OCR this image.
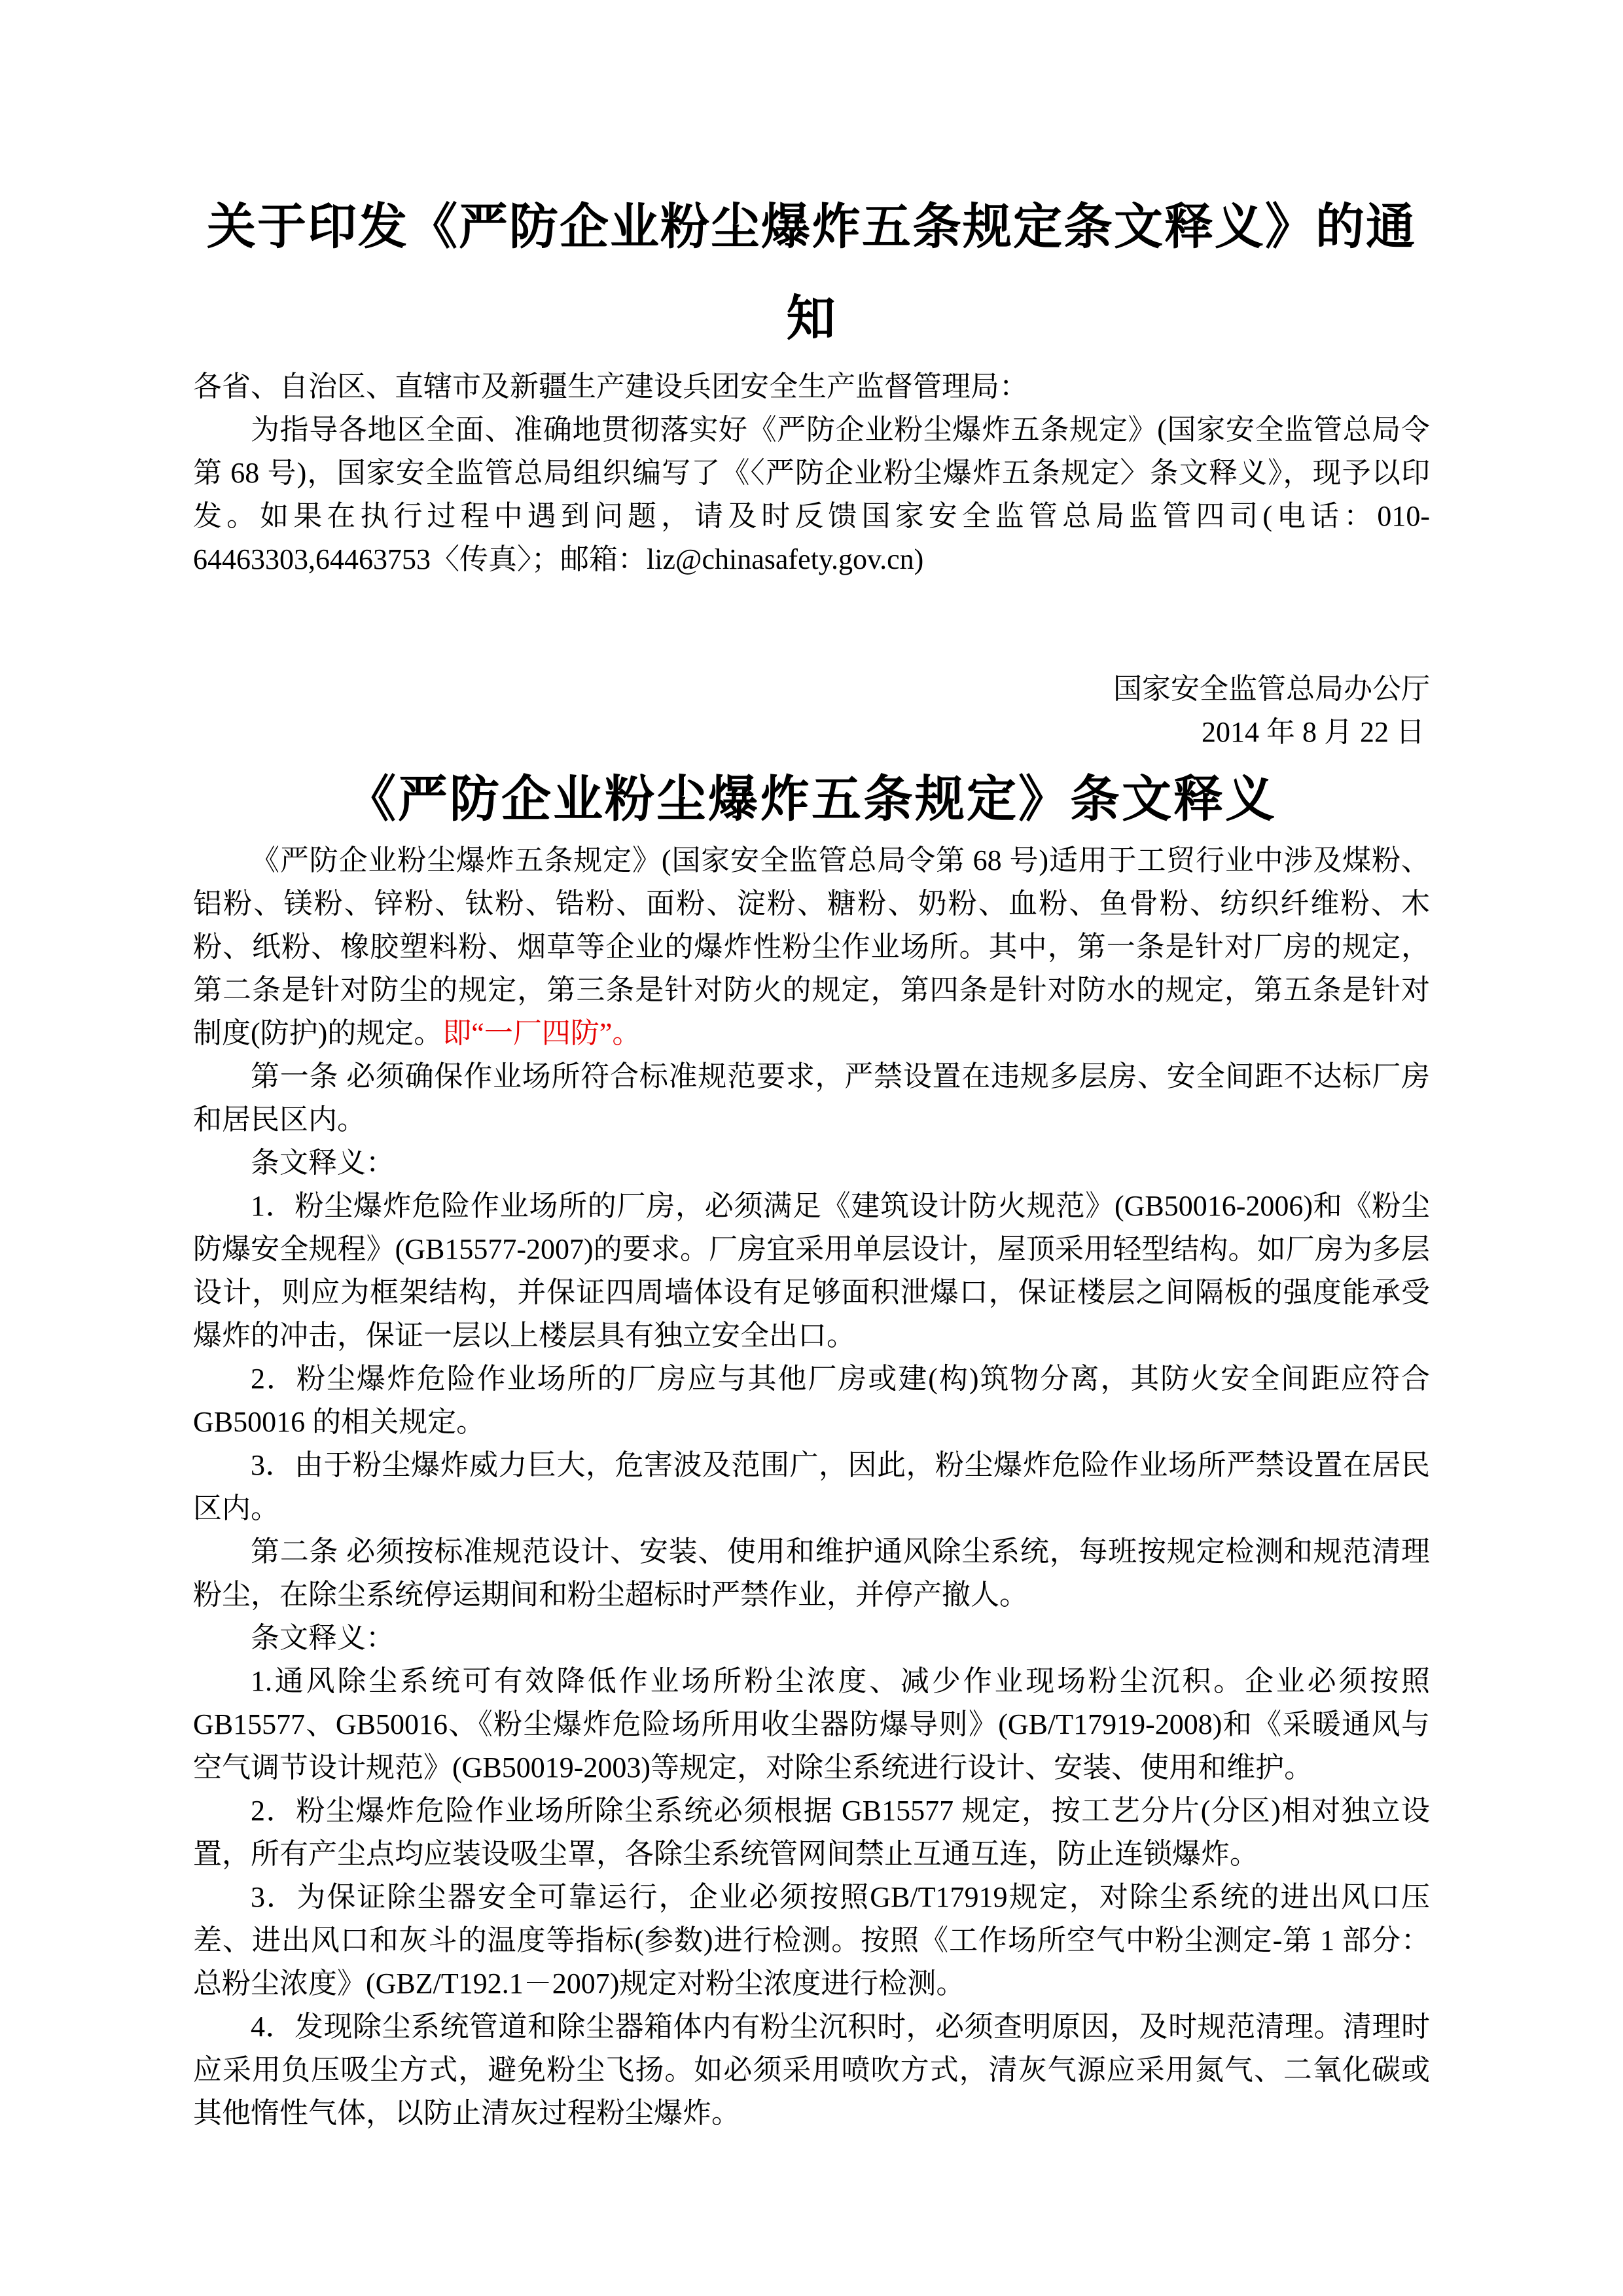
关于印发《严防企业粉尘爆炸五条规定条文释义》的通知

各省、自治区、直辖市及新疆生产建设兵团安全生产监督管理局：

为指导各地区全面、准确地贯彻落实好《严防企业粉尘爆炸五条规定》(国家安全监管总局令第 68 号)，国家安全监管总局组织编写了《〈严防企业粉尘爆炸五条规定〉条文释义》，现予以印发。如果在执行过程中遇到问题，请及时反馈国家安全监管总局监管四司(电话：010-64463303,64463753〈传真〉；邮箱：liz@chinasafety.gov.cn)

国家安全监管总局办公厅

2014 年 8 月 22 日

《严防企业粉尘爆炸五条规定》条文释义

《严防企业粉尘爆炸五条规定》(国家安全监管总局令第 68 号)适用于工贸行业中涉及煤粉、铝粉、镁粉、锌粉、钛粉、锆粉、面粉、淀粉、糖粉、奶粉、血粉、鱼骨粉、纺织纤维粉、木粉、纸粉、橡胶塑料粉、烟草等企业的爆炸性粉尘作业场所。其中，第一条是针对厂房的规定，第二条是针对防尘的规定，第三条是针对防火的规定，第四条是针对防水的规定，第五条是针对制度(防护)的规定。即“一厂四防”。

第一条 必须确保作业场所符合标准规范要求，严禁设置在违规多层房、安全间距不达标厂房和居民区内。

条文释义：

1．粉尘爆炸危险作业场所的厂房，必须满足《建筑设计防火规范》(GB50016-2006)和《粉尘防爆安全规程》(GB15577-2007)的要求。厂房宜采用单层设计，屋顶采用轻型结构。如厂房为多层设计，则应为框架结构，并保证四周墙体设有足够面积泄爆口，保证楼层之间隔板的强度能承受爆炸的冲击，保证一层以上楼层具有独立安全出口。

2．粉尘爆炸危险作业场所的厂房应与其他厂房或建(构)筑物分离，其防火安全间距应符合GB50016 的相关规定。

3．由于粉尘爆炸威力巨大，危害波及范围广，因此，粉尘爆炸危险作业场所严禁设置在居民区内。

第二条 必须按标准规范设计、安装、使用和维护通风除尘系统，每班按规定检测和规范清理粉尘，在除尘系统停运期间和粉尘超标时严禁作业，并停产撤人。

条文释义：

1.通风除尘系统可有效降低作业场所粉尘浓度、减少作业现场粉尘沉积。企业必须按照 GB15577、GB50016、《粉尘爆炸危险场所用收尘器防爆导则》(GB/T17919-2008)和《采暖通风与空气调节设计规范》(GB50019-2003)等规定，对除尘系统进行设计、安装、使用和维护。

2．粉尘爆炸危险作业场所除尘系统必须根据 GB15577 规定，按工艺分片(分区)相对独立设置，所有产尘点均应装设吸尘罩，各除尘系统管网间禁止互通互连，防止连锁爆炸。

3．为保证除尘器安全可靠运行，企业必须按照GB/T17919规定，对除尘系统的进出风口压差、进出风口和灰斗的温度等指标(参数)进行检测。按照《工作场所空气中粉尘测定-第 1 部分：总粉尘浓度》(GBZ/T192.1－2007)规定对粉尘浓度进行检测。

4．发现除尘系统管道和除尘器箱体内有粉尘沉积时，必须查明原因，及时规范清理。清理时应采用负压吸尘方式，避免粉尘飞扬。如必须采用喷吹方式，清灰气源应采用氮气、二氧化碳或其他惰性气体，以防止清灰过程粉尘爆炸。
